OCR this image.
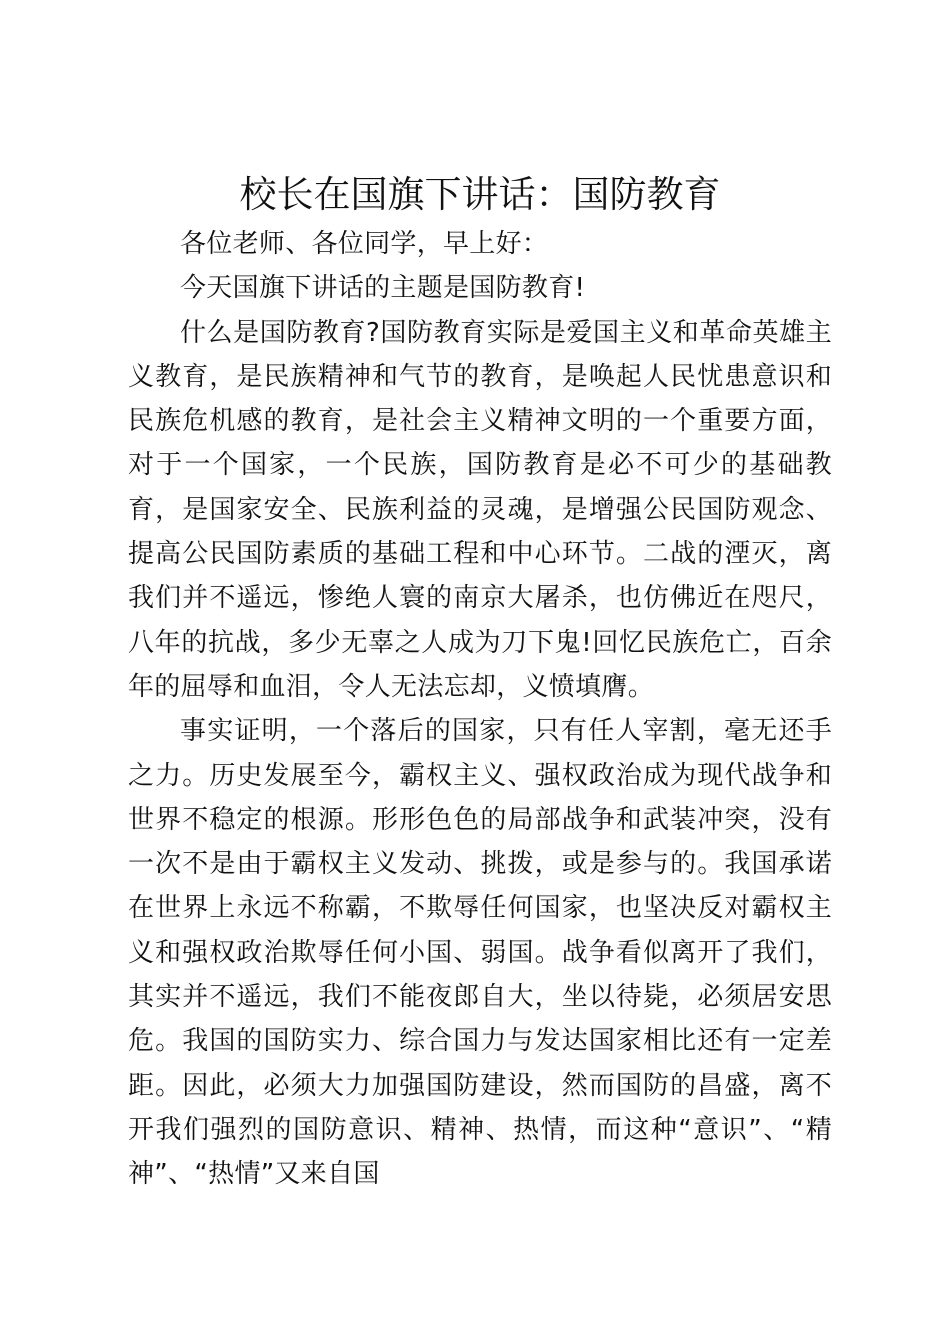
校长在国旗下讲话：国防教育

各位老师、各位同学，早上好：

今天国旗下讲话的主题是国防教育!

什么是国防教育?国防教育实际是爱国主义和革命英雄主义教育，是民族精神和气节的教育，是唤起人民忧患意识和民族危机感的教育，是社会主义精神文明的一个重要方面，对于一个国家，一个民族，国防教育是必不可少的基础教育，是国家安全、民族利益的灵魂，是增强公民国防观念、提高公民国防素质的基础工程和中心环节。二战的湮灭，离我们并不遥远，惨绝人寰的南京大屠杀，也仿佛近在咫尺，八年的抗战，多少无辜之人成为刀下鬼!回忆民族危亡，百余年的屈辱和血泪，令人无法忘却，义愤填膺。

事实证明，一个落后的国家，只有任人宰割，毫无还手之力。历史发展至今，霸权主义、强权政治成为现代战争和世界不稳定的根源。形形色色的局部战争和武装冲突，没有一次不是由于霸权主义发动、挑拨，或是参与的。我国承诺在世界上永远不称霸，不欺辱任何国家，也坚决反对霸权主义和强权政治欺辱任何小国、弱国。战争看似离开了我们，其实并不遥远，我们不能夜郎自大，坐以待毙，必须居安思危。我国的国防实力、综合国力与发达国家相比还有一定差距。因此，必须大力加强国防建设，然而国防的昌盛，离不开我们强烈的国防意识、精神、热情，而这种“意识”、“精神”、“热情”又来自国
